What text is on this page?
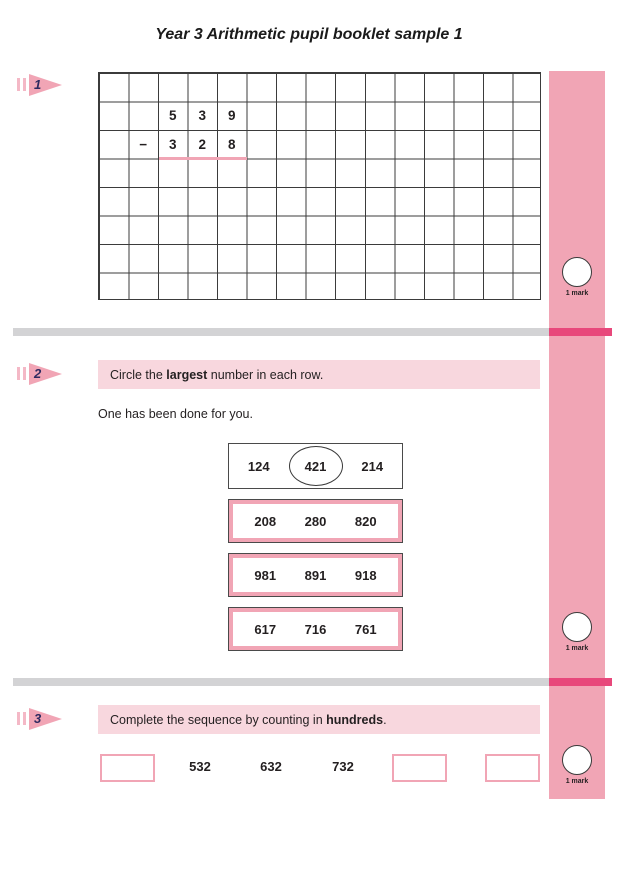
Year 3 Arithmetic pupil booklet sample 1
1 mark
1 mark
1 mark
1
5	3	9
−	3	2	8
2	Circle the largest number in each row.
One has been done for you.
124	421	214
208 280 820
981 891 918
617 716 761
3	Complete the sequence by counting in hundreds.
532	632	732
